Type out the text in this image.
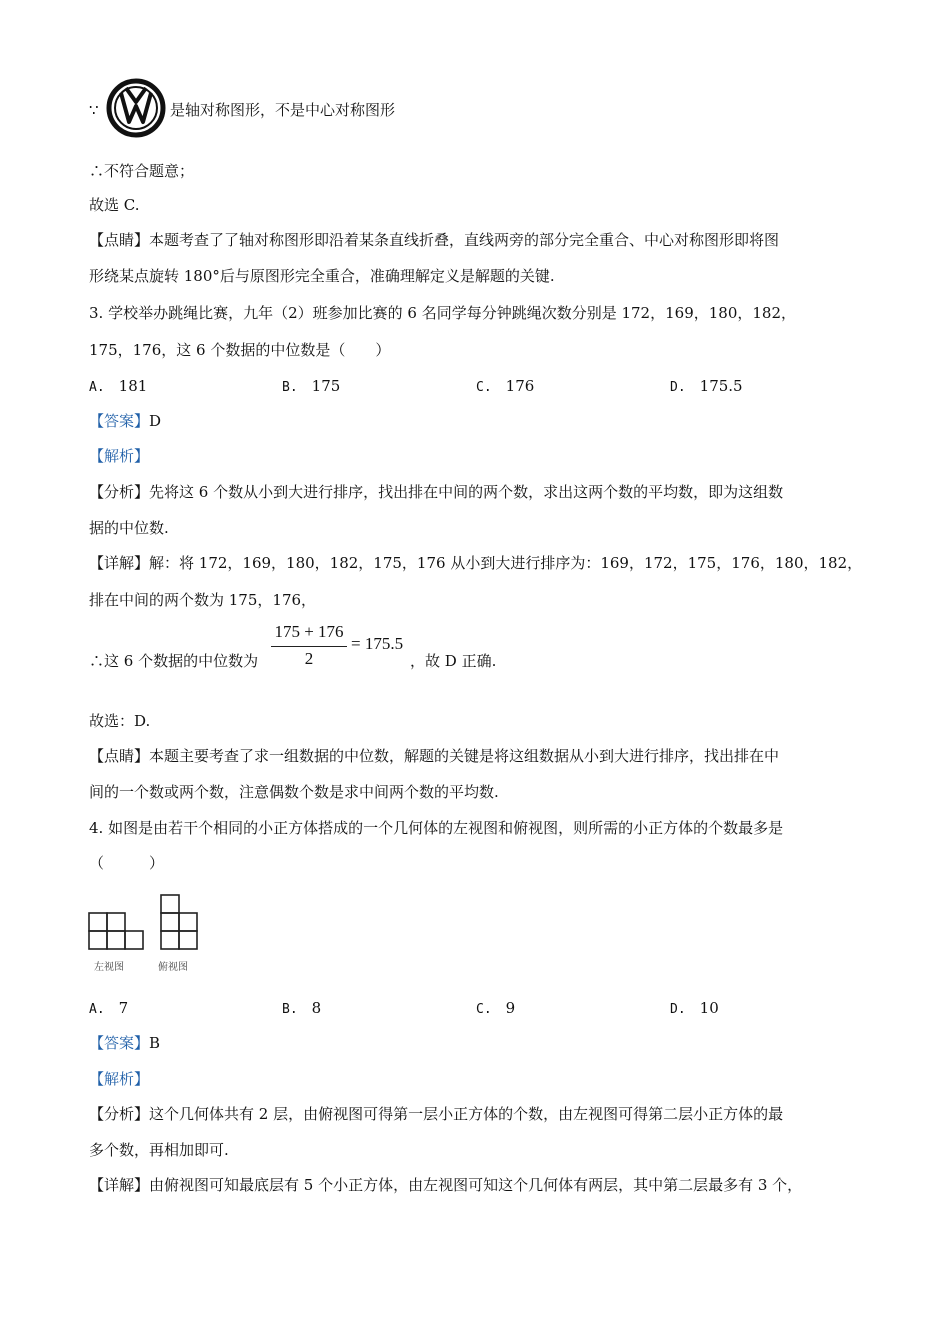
∵	是轴对称图形，不是中心对称图形
∴不符合题意；
故选 C.
【点睛】本题考查了了轴对称图形即沿着某条直线折叠，直线两旁的部分完全重合、中心对称图形即将图
形绕某点旋转 180°后与原图形完全重合，准确理解定义是解题的关键.
3. 学校举办跳绳比赛，九年（2）班参加比赛的 6 名同学每分钟跳绳次数分别是 172，169，180，182，
175，176，这 6 个数据的中位数是（　　）
A. 181	B. 175	C. 176	D. 175.5
【答案】D
【解析】
【分析】先将这 6 个数从小到大进行排序，找出排在中间的两个数，求出这两个数的平均数，即为这组数
据的中位数.
【详解】解：将 172，169，180，182，175，176 从小到大进行排序为：169，172，175，176，180，182，
排在中间的两个数为 175，176，
∴这 6 个数据的中位数为
175 + 176
2
= 175.5
，故 D 正确.
故选：D.
【点睛】本题主要考查了求一组数据的中位数，解题的关键是将这组数据从小到大进行排序，找出排在中
间的一个数或两个数，注意偶数个数是求中间两个数的平均数.
4. 如图是由若干个相同的小正方体搭成的一个几何体的左视图和俯视图，则所需的小正方体的个数最多是
（　　　）
左视图	俯视图
A. 7	B. 8	C. 9	D. 10
【答案】B
【解析】
【分析】这个几何体共有 2 层，由俯视图可得第一层小正方体的个数，由左视图可得第二层小正方体的最
多个数，再相加即可.
【详解】由俯视图可知最底层有 5 个小正方体，由左视图可知这个几何体有两层，其中第二层最多有 3 个，
